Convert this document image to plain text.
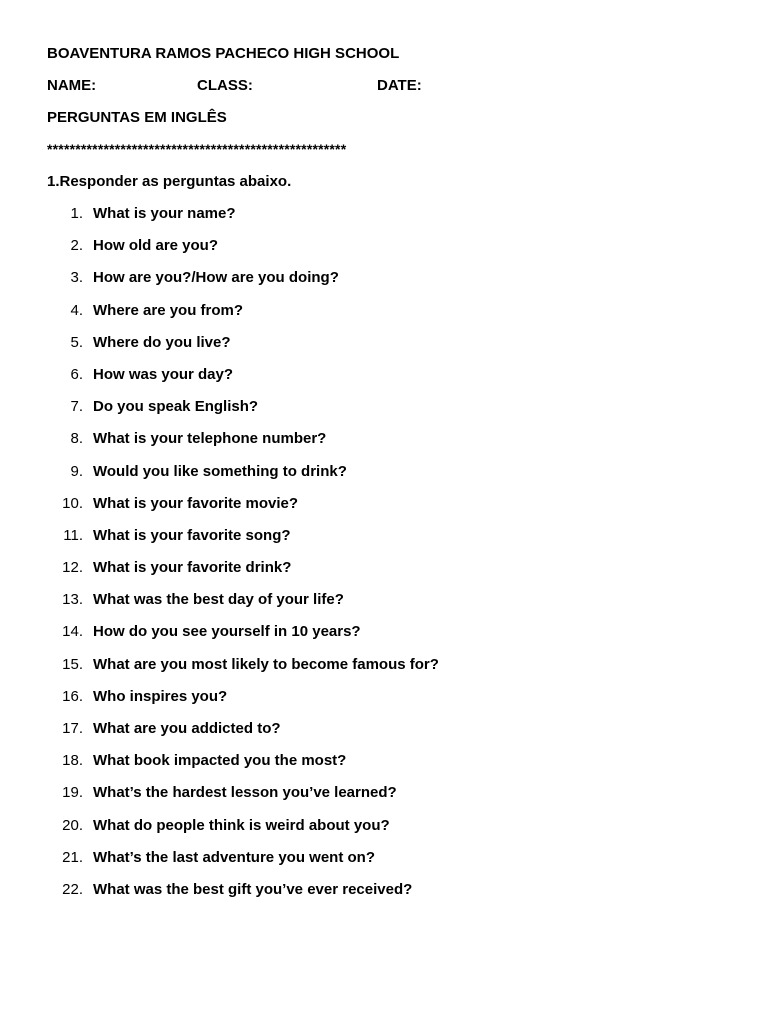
BOAVENTURA RAMOS PACHECO HIGH SCHOOL
NAME:	CLASS:	DATE:
PERGUNTAS EM INGLÊS
*****************************************************
1.Responder as perguntas abaixo.
1. What is your name?
2. How old are you?
3. How are you?/How are you doing?
4. Where are you from?
5. Where do you live?
6. How was your day?
7. Do you speak English?
8. What is your telephone number?
9. Would you like something to drink?
10. What is your favorite movie?
11. What is your favorite song?
12. What is your favorite drink?
13. What was the best day of your life?
14. How do you see yourself in 10 years?
15. What are you most likely to become famous for?
16. Who inspires you?
17. What are you addicted to?
18. What book impacted you the most?
19. What’s the hardest lesson you’ve learned?
20. What do people think is weird about you?
21. What’s the last adventure you went on?
22. What was the best gift you’ve ever received?
